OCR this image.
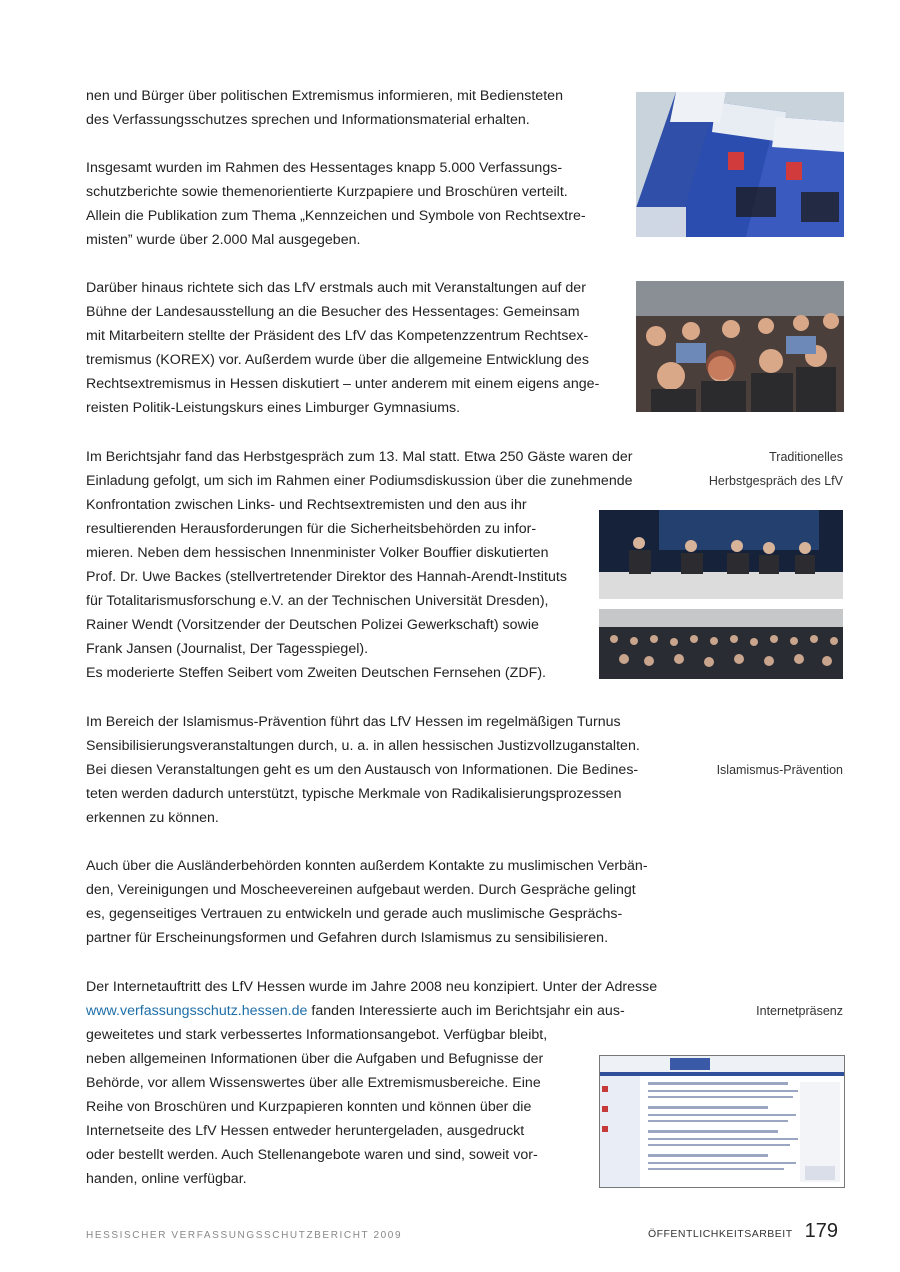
nen und Bürger über politischen Extremismus informieren, mit Bediensteten

des Verfassungsschutzes sprechen und Informationsmaterial erhalten.

Insgesamt wurden im Rahmen des Hessentages knapp 5.000 Verfassungs-

schutzberichte sowie themenorientierte Kurzpapiere und Broschüren verteilt.

Allein die Publikation zum Thema „Kennzeichen und Symbole von Rechtsextre-

misten” wurde über 2.000 Mal ausgegeben.

Darüber hinaus richtete sich das LfV erstmals auch mit Veranstaltungen auf der

Bühne der Landesausstellung an die Besucher des Hessentages: Gemeinsam

mit Mitarbeitern stellte der Präsident des LfV das Kompetenzzentrum Rechtsex-

tremismus (KOREX) vor. Außerdem wurde über die allgemeine Entwicklung des

Rechtsextremismus in Hessen diskutiert – unter anderem mit einem eigens ange-

reisten Politik-Leistungskurs eines Limburger Gymnasiums.

Im Berichtsjahr fand das Herbstgespräch zum 13. Mal statt. Etwa 250 Gäste waren der

Einladung gefolgt, um sich im Rahmen einer Podiumsdiskussion über die zunehmende

Konfrontation zwischen Links- und Rechtsextremisten und den aus ihr

resultierenden Herausforderungen für die Sicherheitsbehörden zu infor-

mieren. Neben dem hessischen Innenminister Volker Bouffier diskutierten

Prof. Dr. Uwe Backes (stellvertretender Direktor des Hannah-Arendt-Instituts

für Totalitarismusforschung e.V. an der Technischen Universität Dresden),

Rainer Wendt (Vorsitzender der Deutschen Polizei Gewerkschaft) sowie

Frank Jansen (Journalist, Der Tagesspiegel).

Es moderierte Steffen Seibert vom Zweiten Deutschen Fernsehen (ZDF).

Im Bereich der Islamismus-Prävention führt das LfV Hessen im regelmäßigen Turnus

Sensibilisierungsveranstaltungen durch, u. a. in allen hessischen Justizvollzuganstalten.

Bei diesen Veranstaltungen geht es um den Austausch von Informationen. Die Bedines-

teten werden dadurch unterstützt, typische Merkmale von Radikalisierungsprozessen

erkennen zu können.

Auch über die Ausländerbehörden konnten außerdem Kontakte zu muslimischen Verbän-

den, Vereinigungen und Moscheevereinen aufgebaut werden. Durch Gespräche gelingt

es, gegenseitiges Vertrauen zu entwickeln und gerade auch muslimische Gesprächs-

partner für Erscheinungsformen und Gefahren durch Islamismus zu sensibilisieren.

Der Internetauftritt des LfV Hessen wurde im Jahre 2008 neu konzipiert. Unter der Adresse

www.verfassungsschutz.hessen.de fanden Interessierte auch im Berichtsjahr ein aus-

geweitetes und stark verbessertes Informationsangebot. Verfügbar bleibt,

neben allgemeinen Informationen über die Aufgaben und Befugnisse der

Behörde, vor allem Wissenswertes über alle Extremismusbereiche. Eine

Reihe von Broschüren und Kurzpapieren konnten und können über die

Internetseite des LfV Hessen entweder heruntergeladen, ausgedruckt

oder bestellt werden. Auch Stellenangebote waren und sind, soweit vor-

handen, online verfügbar.

Traditionelles
Herbstgespräch des LfV
Islamismus-Prävention
Internetpräsenz
HESSISCHER VERFASSUNGSSCHUTZBERICHT 2009	ÖFFENTLICHKEITSARBEIT 179
